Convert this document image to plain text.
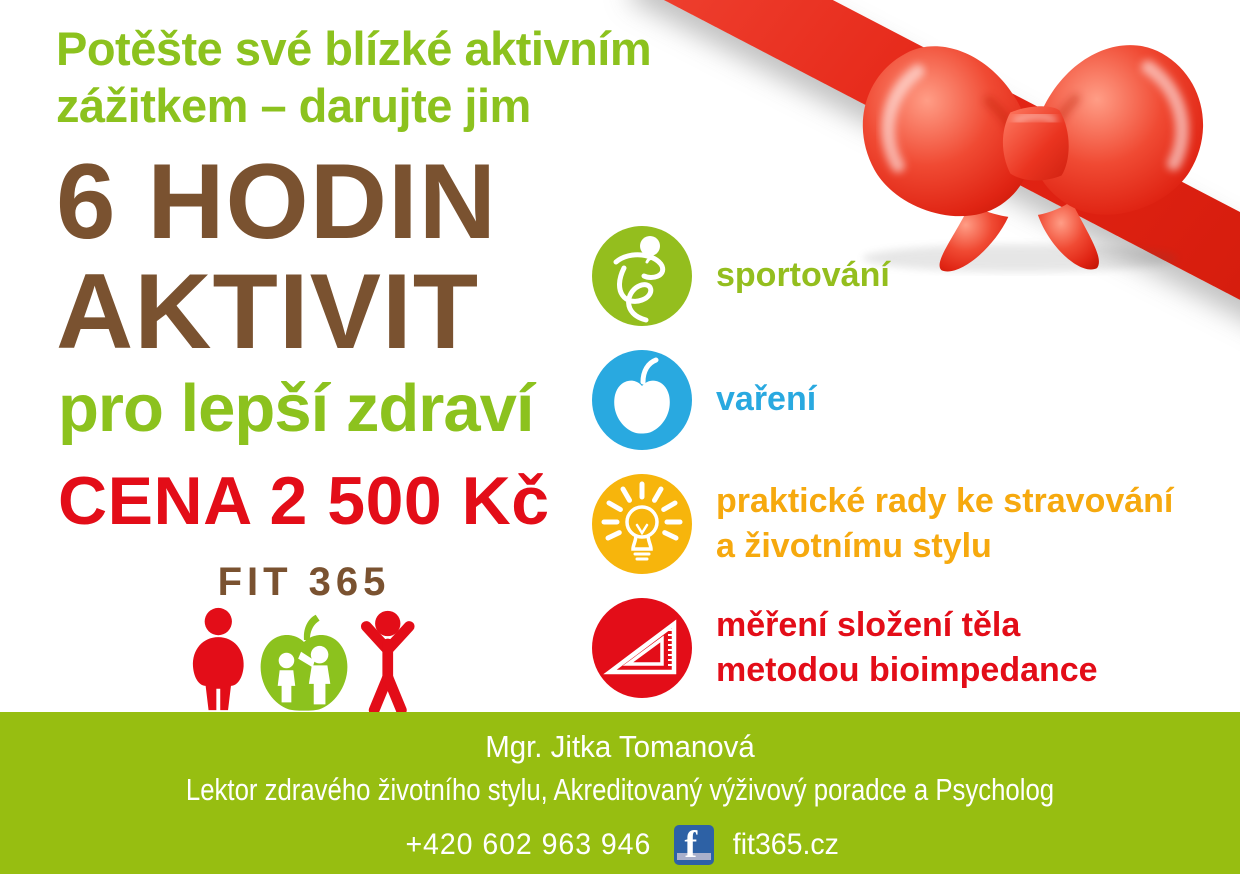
Potěšte své blízké aktivním
zážitkem – darujte jim
6 HODIN
AKTIVIT
pro lepší zdraví
CENA 2 500 Kč
FIT 365
sportování
vaření
praktické rady ke stravování
a životnímu stylu
měření složení těla
metodou bioimpedance
Mgr. Jitka Tomanová
Lektor zdravého životního stylu, Akreditovaný výživový poradce a Psycholog
+420 602 963 946 f fit365.cz
